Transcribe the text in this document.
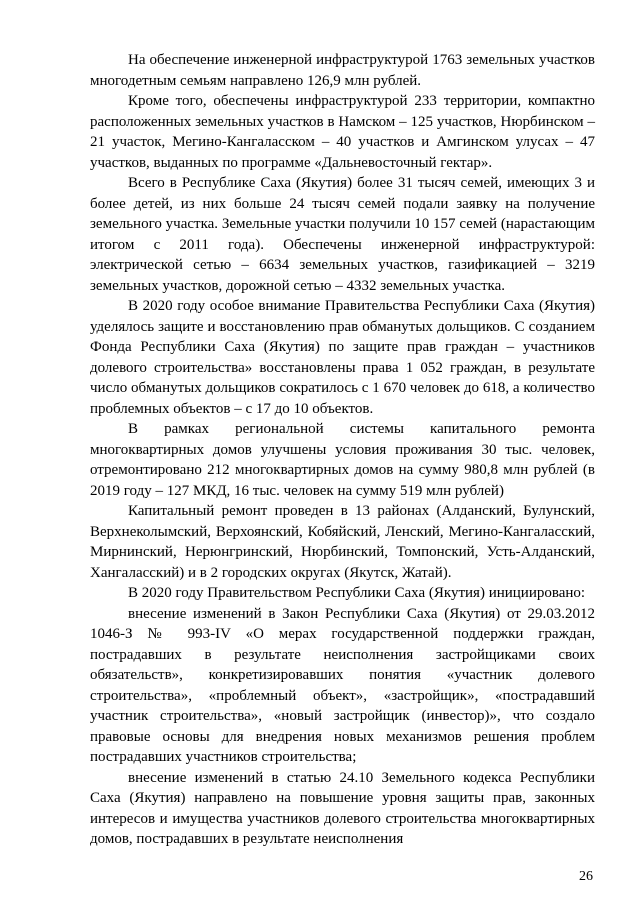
На обеспечение инженерной инфраструктурой 1763 земельных участков многодетным семьям направлено 126,9 млн рублей.

Кроме того, обеспечены инфраструктурой 233 территории, компактно расположенных земельных участков в Намском – 125 участков, Нюрбинском – 21 участок, Мегино-Кангаласском – 40 участков и Амгинском улусах – 47 участков, выданных по программе «Дальневосточный гектар».

Всего в Республике Саха (Якутия) более 31 тысяч семей, имеющих 3 и более детей, из них больше 24 тысяч семей подали заявку на получение земельного участка. Земельные участки получили 10 157 семей (нарастающим итогом с 2011 года). Обеспечены инженерной инфраструктурой: электрической сетью – 6634 земельных участков, газификацией – 3219 земельных участков, дорожной сетью – 4332 земельных участка.

В 2020 году особое внимание Правительства Республики Саха (Якутия) уделялось защите и восстановлению прав обманутых дольщиков. С созданием Фонда Республики Саха (Якутия) по защите прав граждан – участников долевого строительства» восстановлены права 1 052 граждан, в результате число обманутых дольщиков сократилось с 1 670 человек до 618, а количество проблемных объектов – с 17 до 10 объектов.

В рамках региональной системы капитального ремонта многоквартирных домов улучшены условия проживания 30 тыс. человек, отремонтировано 212 многоквартирных домов на сумму 980,8 млн рублей (в 2019 году – 127 МКД, 16 тыс. человек на сумму 519 млн рублей)

Капитальный ремонт проведен в 13 районах (Алданский, Булунский, Верхнеколымский, Верхоянский, Кобяйский, Ленский, Мегино-Кангаласский, Мирнинский, Нерюнгринский, Нюрбинский, Томпонский, Усть-Алданский, Хангаласский) и в 2 городских округах (Якутск, Жатай).

В 2020 году Правительством Республики Саха (Якутия) инициировано:

внесение изменений в Закон Республики Саха (Якутия) от 29.03.2012 1046-З № 993-IV «О мерах государственной поддержки граждан, пострадавших в результате неисполнения застройщиками своих обязательств», конкретизировавших понятия «участник долевого строительства», «проблемный объект», «застройщик», «пострадавший участник строительства», «новый застройщик (инвестор)», что создало правовые основы для внедрения новых механизмов решения проблем пострадавших участников строительства;

внесение изменений в статью 24.10 Земельного кодекса Республики Саха (Якутия) направлено на повышение уровня защиты прав, законных интересов и имущества участников долевого строительства многоквартирных домов, пострадавших в результате неисполнения

26
